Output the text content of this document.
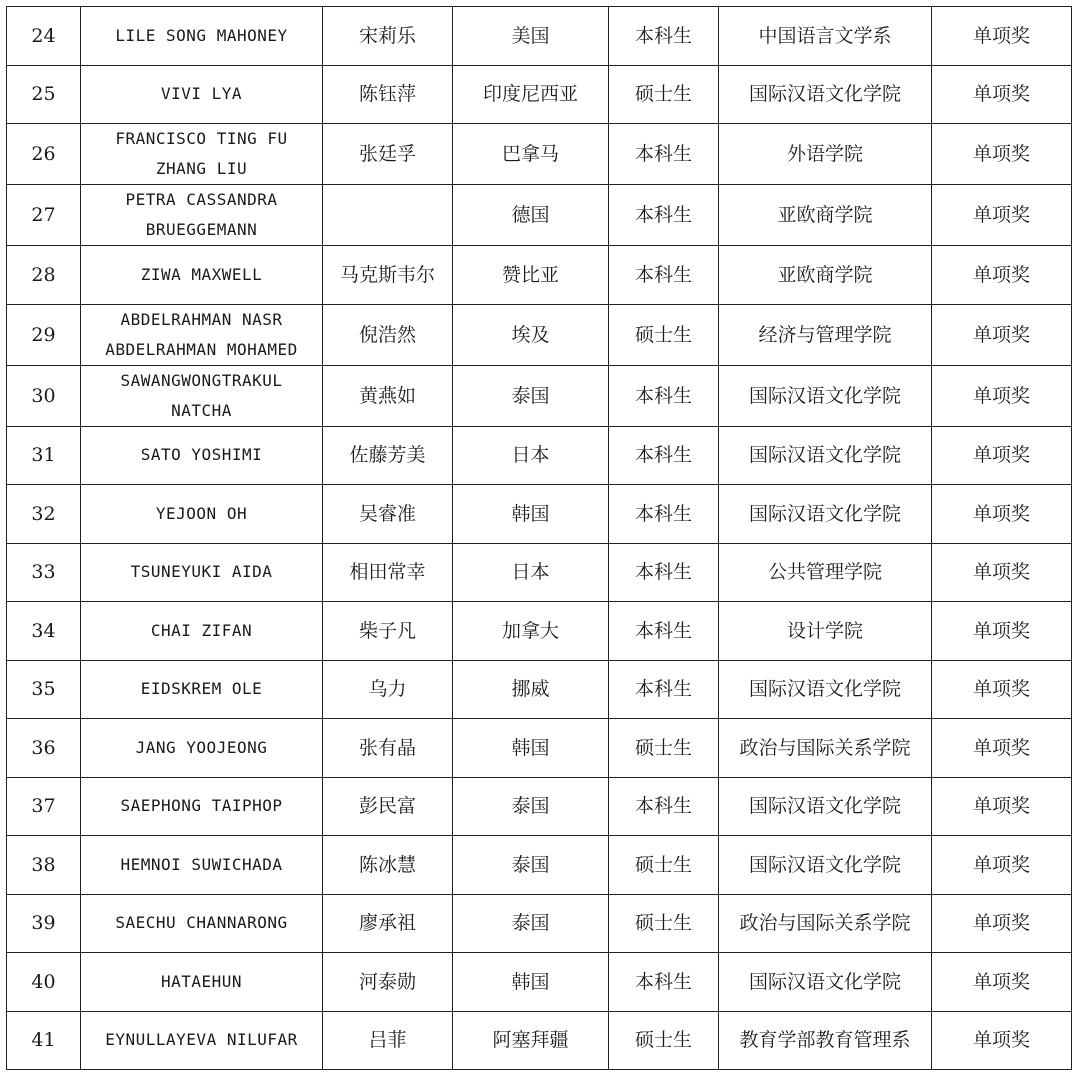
24	LILE SONG MAHONEY	宋莉乐	美国	本科生	中国语言文学系	单项奖
25	VIVI LYA	陈钰萍	印度尼西亚	硕士生	国际汉语文化学院	单项奖
26	FRANCISCO TING FU ZHANG LIU	张廷孚	巴拿马	本科生	外语学院	单项奖
27	PETRA CASSANDRA BRUEGGEMANN		德国	本科生	亚欧商学院	单项奖
28	ZIWA MAXWELL	马克斯韦尔	赞比亚	本科生	亚欧商学院	单项奖
29	ABDELRAHMAN NASR ABDELRAHMAN MOHAMED	倪浩然	埃及	硕士生	经济与管理学院	单项奖
30	SAWANGWONGTRAKUL NATCHA	黄燕如	泰国	本科生	国际汉语文化学院	单项奖
31	SATO YOSHIMI	佐藤芳美	日本	本科生	国际汉语文化学院	单项奖
32	YEJOON OH	吴睿准	韩国	本科生	国际汉语文化学院	单项奖
33	TSUNEYUKI AIDA	相田常幸	日本	本科生	公共管理学院	单项奖
34	CHAI ZIFAN	柴子凡	加拿大	本科生	设计学院	单项奖
35	EIDSKREM OLE	乌力	挪威	本科生	国际汉语文化学院	单项奖
36	JANG YOOJEONG	张有晶	韩国	硕士生	政治与国际关系学院	单项奖
37	SAEPHONG TAIPHOP	彭民富	泰国	本科生	国际汉语文化学院	单项奖
38	HEMNOI SUWICHADA	陈冰慧	泰国	硕士生	国际汉语文化学院	单项奖
39	SAECHU CHANNARONG	廖承祖	泰国	硕士生	政治与国际关系学院	单项奖
40	HATAEHUN	河泰勋	韩国	本科生	国际汉语文化学院	单项奖
41	EYNULLAYEVA NILUFAR	吕菲	阿塞拜疆	硕士生	教育学部教育管理系	单项奖
